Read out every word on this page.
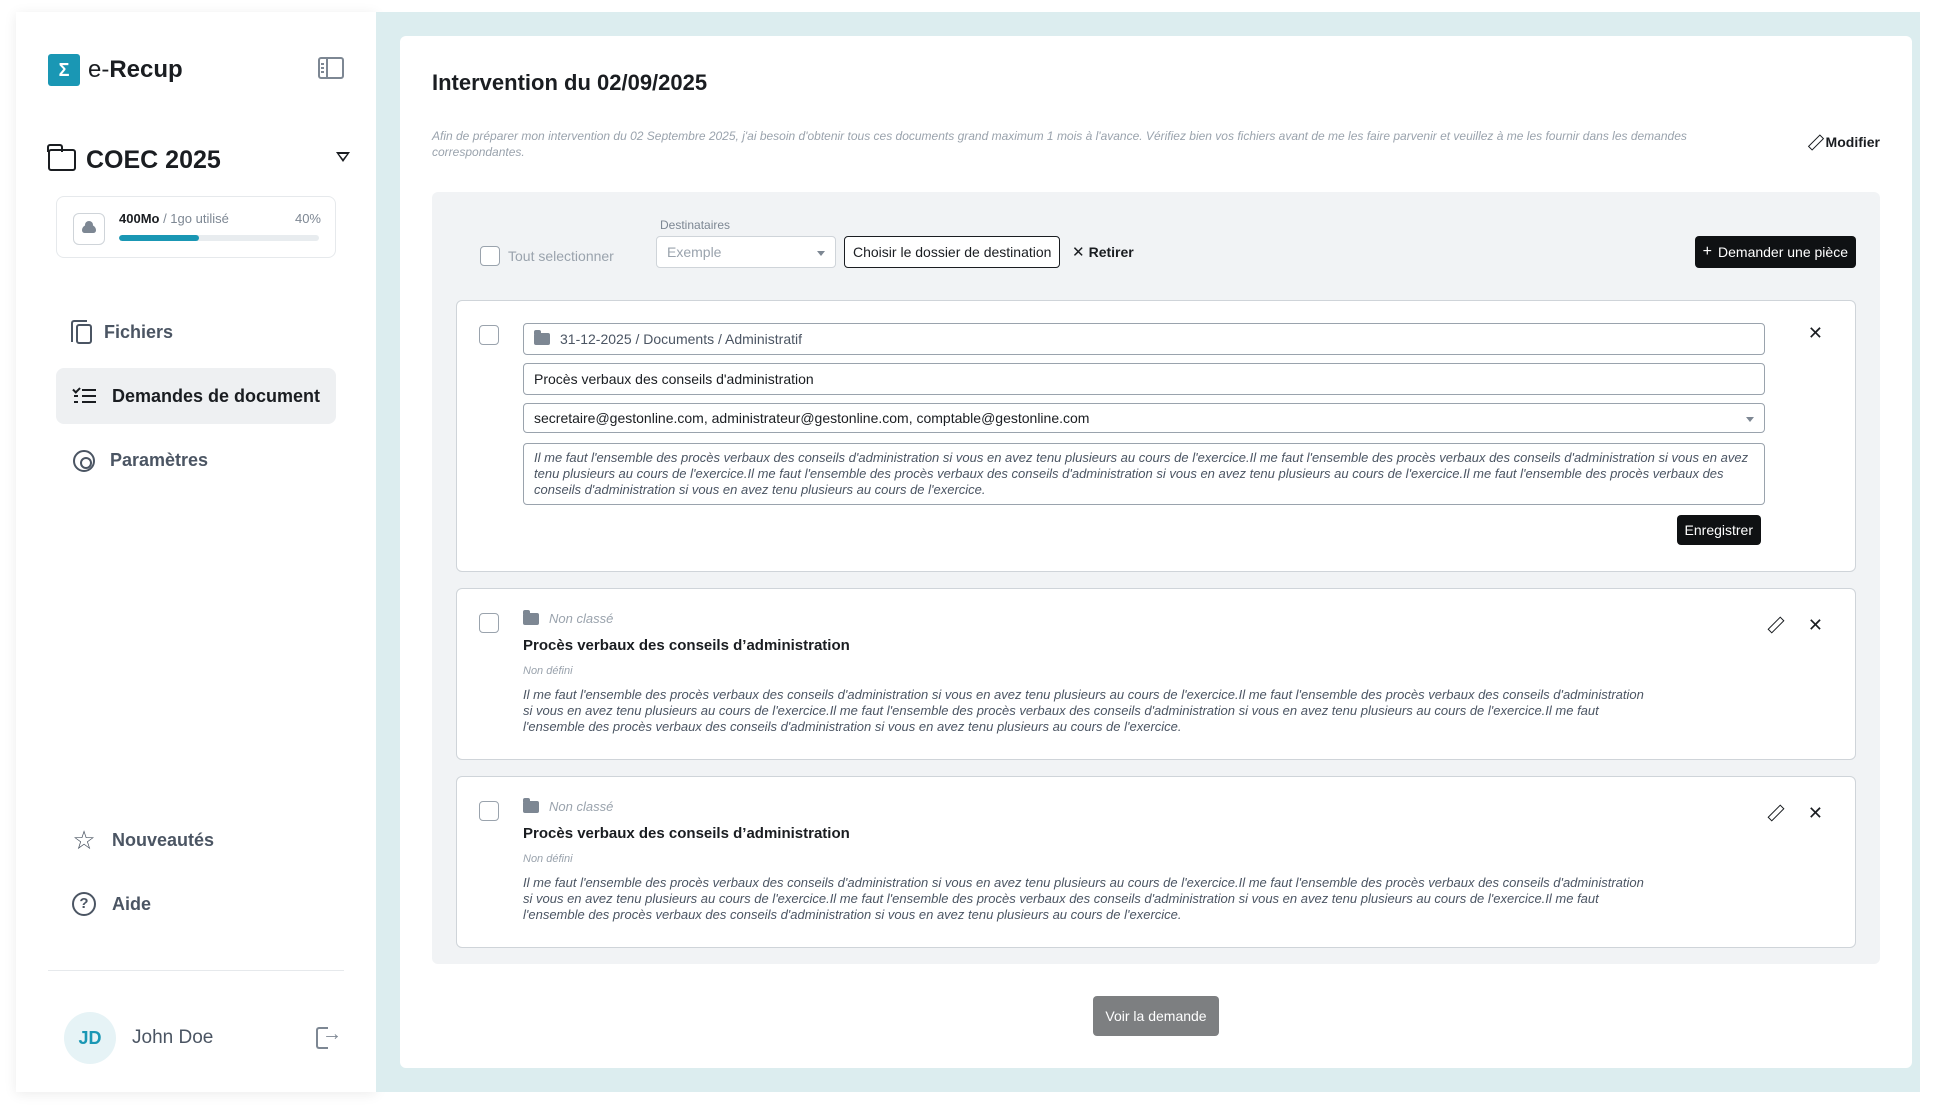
Σ e-Recup
COEC 2025
400Mo / 1go utilisé	40%
Fichiers
Demandes de document
Paramètres
☆ Nouveautés
?	Aide
JD	John Doe
→
Intervention du 02/09/2025

Afin de préparer mon intervention du 02 Septembre 2025, j'ai besoin d'obtenir tous ces documents grand maximum 1 mois à l'avance. Vérifiez bien vos fichiers avant de me les faire parvenir et veuillez à me les fournir dans les demandes correspondantes.

Modifier
Tout selectionner
Destinataires
Exemple	Choisir le dossier de destination	✕ Retirer	+ Demander une pièce
✕
31-12-2025 / Documents / Administratif
Procès verbaux des conseils d'administration
secretaire@gestonline.com, administrateur@gestonline.com, comptable@gestonline.com
Il me faut l'ensemble des procès verbaux des conseils d'administration si vous en avez tenu plusieurs au cours de l'exercice.Il me faut l'ensemble des procès verbaux des conseils d'administration si vous en avez tenu plusieurs au cours de l'exercice.Il me faut l'ensemble des procès verbaux des conseils d'administration si vous en avez tenu plusieurs au cours de l'exercice.Il me faut l'ensemble des procès verbaux des conseils d'administration si vous en avez tenu plusieurs au cours de l'exercice.
Enregistrer
✕
Non classé
Procès verbaux des conseils d’administration
Non défini
Il me faut l'ensemble des procès verbaux des conseils d'administration si vous en avez tenu plusieurs au cours de l'exercice.Il me faut l'ensemble des procès verbaux des conseils d'administration si vous en avez tenu plusieurs au cours de l'exercice.Il me faut l'ensemble des procès verbaux des conseils d'administration si vous en avez tenu plusieurs au cours de l'exercice.Il me faut l'ensemble des procès verbaux des conseils d'administration si vous en avez tenu plusieurs au cours de l'exercice.
✕
Non classé
Procès verbaux des conseils d’administration
Non défini
Il me faut l'ensemble des procès verbaux des conseils d'administration si vous en avez tenu plusieurs au cours de l'exercice.Il me faut l'ensemble des procès verbaux des conseils d'administration si vous en avez tenu plusieurs au cours de l'exercice.Il me faut l'ensemble des procès verbaux des conseils d'administration si vous en avez tenu plusieurs au cours de l'exercice.Il me faut l'ensemble des procès verbaux des conseils d'administration si vous en avez tenu plusieurs au cours de l'exercice.
Voir la demande
